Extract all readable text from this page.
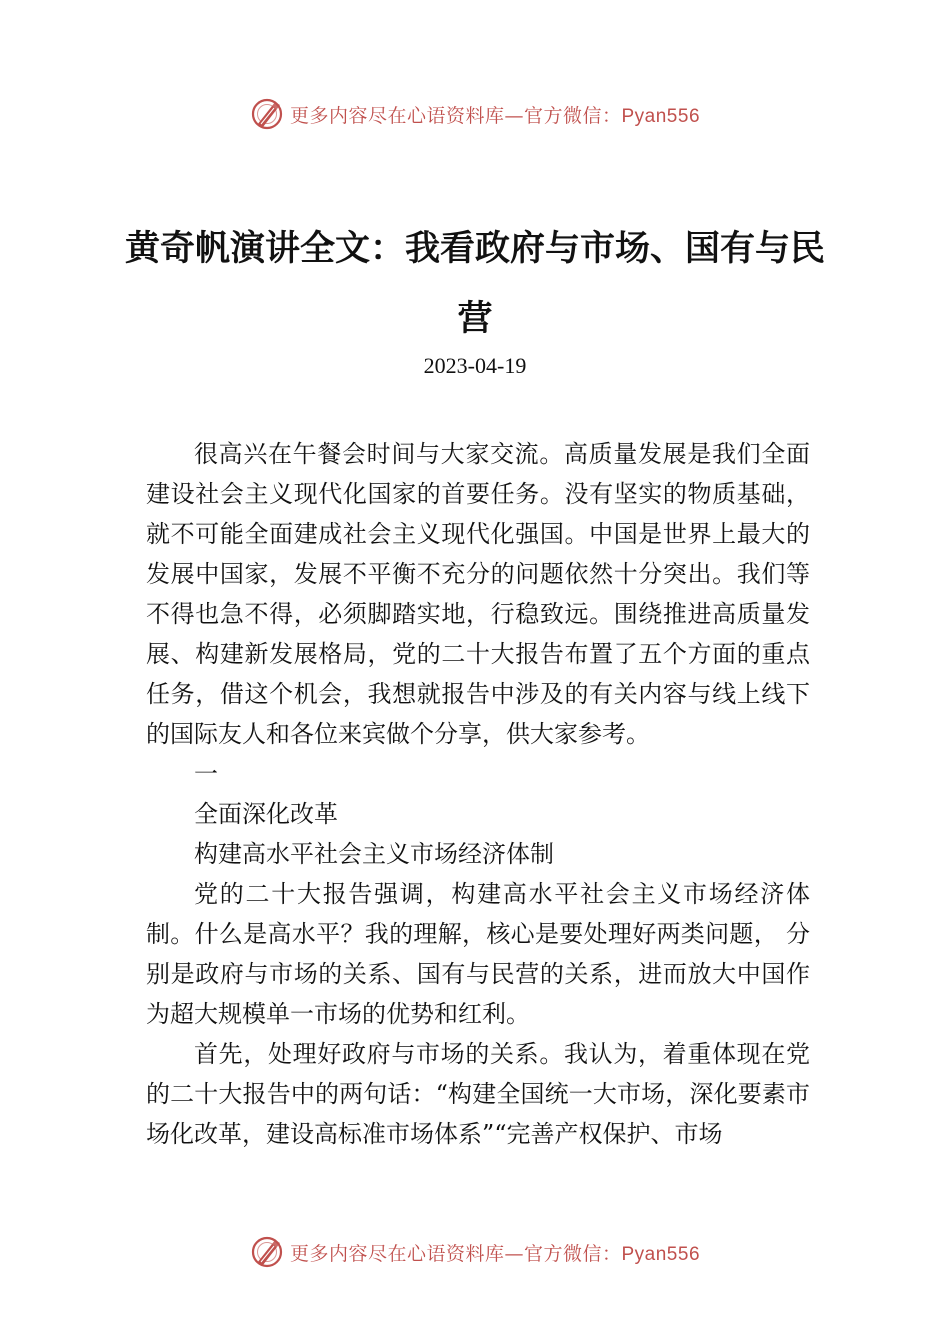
更多内容尽在心语资料库—官方微信：Pyan556
黄奇帆演讲全文：我看政府与市场、国有与民营
2023-04-19

很高兴在午餐会时间与大家交流。高质量发展是我们全面建设社会主义现代化国家的首要任务。没有坚实的物质基础，就不可能全面建成社会主义现代化强国。中国是世界上最大的发展中国家，发展不平衡不充分的问题依然十分突出。我们等不得也急不得，必须脚踏实地，行稳致远。围绕推进高质量发展、构建新发展格局，党的二十大报告布置了五个方面的重点任务，借这个机会，我想就报告中涉及的有关内容与线上线下的国际友人和各位来宾做个分享，供大家参考。

一

全面深化改革

构建高水平社会主义市场经济体制

党的二十大报告强调，构建高水平社会主义市场经济体制。什么是高水平？我的理解，核心是要处理好两类问题， 分别是政府与市场的关系、国有与民营的关系，进而放大中国作为超大规模单一市场的优势和红利。

首先，处理好政府与市场的关系。我认为，着重体现在党的二十大报告中的两句话：“构建全国统一大市场，深化要素市场化改革，建设高标准市场体系”“完善产权保护、市场

更多内容尽在心语资料库—官方微信：Pyan556
